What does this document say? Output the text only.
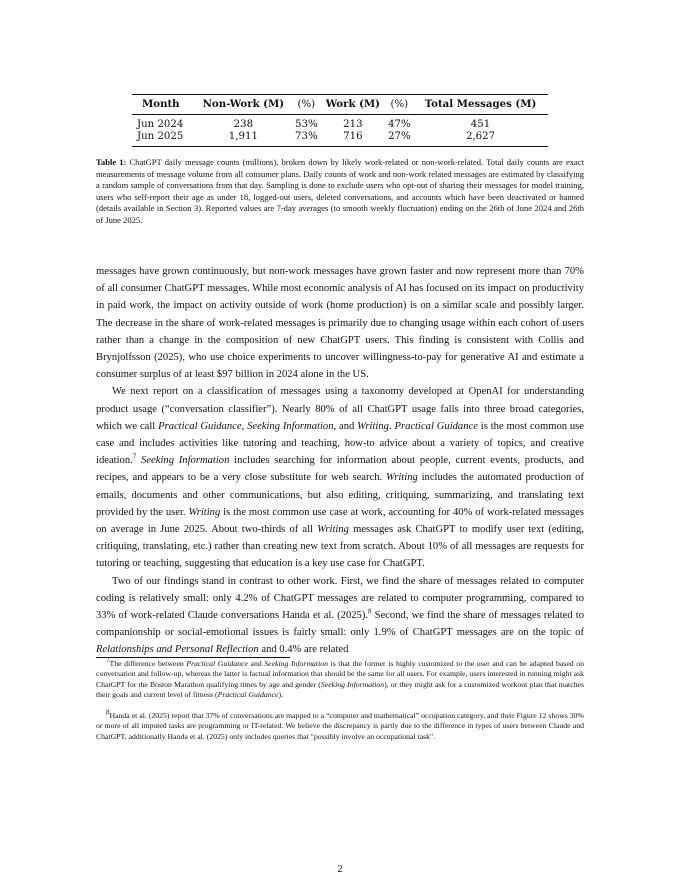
Month	Non-Work (M)	(%)	Work (M)	(%)	Total Messages (M)
Jun 2024	238	53%	213	47%	451
Jun 2025	1,911	73%	716	27%	2,627
Table 1: ChatGPT daily message counts (millions), broken down by likely work-related or non-work-related. Total daily counts are exact measurements of message volume from all consumer plans. Daily counts of work and non-work related messages are estimated by classifying a random sample of conversations from that day. Sampling is done to exclude users who opt-out of sharing their messages for model training, users who self-report their age as under 18, logged-out users, deleted conversations, and accounts which have been deactivated or banned (details available in Section 3). Reported values are 7-day averages (to smooth weekly fluctuation) ending on the 26th of June 2024 and 26th of June 2025.

messages have grown continuously, but non-work messages have grown faster and now represent more than 70% of all consumer ChatGPT messages. While most economic analysis of AI has focused on its impact on productivity in paid work, the impact on activity outside of work (home production) is on a similar scale and possibly larger. The decrease in the share of work-related messages is primarily due to changing usage within each cohort of users rather than a change in the composition of new ChatGPT users. This finding is consistent with Collis and Brynjolfsson (2025), who use choice experiments to uncover willingness-to-pay for generative AI and estimate a consumer surplus of at least $97 billion in 2024 alone in the US.

We next report on a classification of messages using a taxonomy developed at OpenAI for understanding product usage (“conversation classifier”). Nearly 80% of all ChatGPT usage falls into three broad categories, which we call Practical Guidance, Seeking Information, and Writing. Practical Guidance is the most common use case and includes activities like tutoring and teaching, how-to advice about a variety of topics, and creative ideation.$^7$ Seeking Information includes searching for information about people, current events, products, and recipes, and appears to be a very close substitute for web search. Writing includes the automated production of emails, documents and other communications, but also editing, critiquing, summarizing, and translating text provided by the user. Writing is the most common use case at work, accounting for 40% of work-related messages on average in June 2025. About two-thirds of all Writing messages ask ChatGPT to modify user text (editing, critiquing, translating, etc.) rather than creating new text from scratch. About 10% of all messages are requests for tutoring or teaching, suggesting that education is a key use case for ChatGPT.

Two of our findings stand in contrast to other work. First, we find the share of messages related to computer coding is relatively small: only 4.2% of ChatGPT messages are related to computer programming, compared to 33% of work-related Claude conversations Handa et al. (2025).$^8$ Second, we find the share of messages related to companionship or social-emotional issues is fairly small: only 1.9% of ChatGPT messages are on the topic of Relationships and Personal Reflection and 0.4% are related

$^7$The difference between Practical Guidance and Seeking Information is that the former is highly customized to the user and can be adapted based on conversation and follow-up, whereas the latter is factual information that should be the same for all users. For example, users interested in running might ask ChatGPT for the Boston Marathon qualifying times by age and gender (Seeking Information), or they might ask for a customized workout plan that matches their goals and current level of fitness (Practical Guidance).

$^8$Handa et al. (2025) report that 37% of conversations are mapped to a “computer and mathematical” occupation category, and their Figure 12 shows 30% or more of all imputed tasks are programming or IT-related. We believe the discrepancy is partly due to the difference in types of users between Claude and ChatGPT, additionally Handa et al. (2025) only includes queries that "possibly involve an occupational task".

2
